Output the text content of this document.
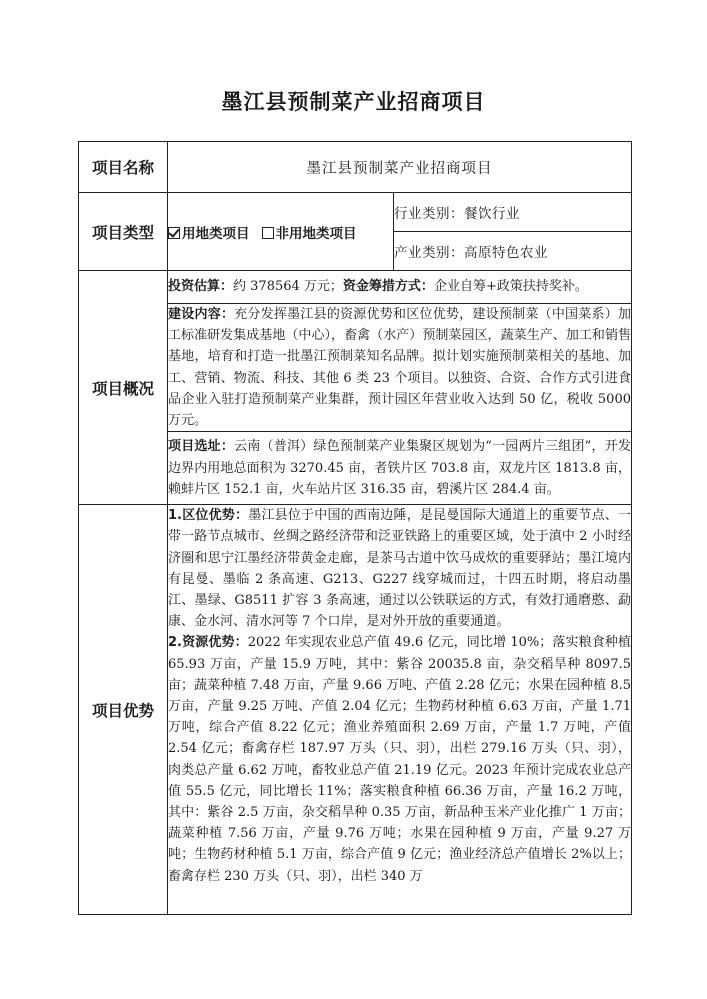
墨江县预制菜产业招商项目
项目名称	墨江县预制菜产业招商项目	
项目类型	用地类项目 非用地类项目	行业类别：餐饮行业
		产业类别：高原特色农业
项目概况	投资估算：约 378564 万元；资金筹措方式：企业自筹+政策扶持奖补。	
	建设内容：充分发挥墨江县的资源优势和区位优势，建设预制菜（中国菜系）加工标准研发集成基地（中心），畜禽（水产）预制菜园区，蔬菜生产、加工和销售基地，培育和打造一批墨江预制菜知名品牌。拟计划实施预制菜相关的基地、加工、营销、物流、科技、其他 6 类 23 个项目。以独资、合资、合作方式引进食品企业入驻打造预制菜产业集群，预计园区年营业收入达到 50 亿，税收 5000 万元。	
	项目选址：云南（普洱）绿色预制菜产业集聚区规划为“一园两片三组团”，开发边界内用地总面积为 3270.45 亩，者铁片区 703.8 亩，双龙片区 1813.8 亩，赖蚌片区 152.1 亩，火车站片区 316.35 亩，碧溪片区 284.4 亩。	
项目优势	1.区位优势：墨江县位于中国的西南边陲，是昆曼国际大通道上的重要节点、一带一路节点城市、丝绸之路经济带和泛亚铁路上的重要区域，处于滇中 2 小时经济圈和思宁江墨经济带黄金走廊，是茶马古道中饮马成炊的重要驿站；墨江境内有昆曼、墨临 2 条高速、G213、G227 线穿城而过，十四五时期，将启动墨江、墨绿、G8511 扩容 3 条高速，通过以公铁联运的方式，有效打通磨憨、勐康、金水河、清水河等 7 个口岸，是对外开放的重要通道。
2.资源优势：2022 年实现农业总产值 49.6 亿元，同比增 10%；落实粮食种植 65.93 万亩，产量 15.9 万吨，其中：紫谷 20035.8 亩，杂交稻旱种 8097.5 亩；蔬菜种植 7.48 万亩，产量 9.66 万吨、产值 2.28 亿元；水果在园种植 8.5 万亩，产量 9.25 万吨、产值 2.04 亿元；生物药材种植 6.63 万亩，产量 1.71 万吨，综合产值 8.22 亿元；渔业养殖面积 2.69 万亩，产量 1.7 万吨，产值 2.54 亿元；畜禽存栏 187.97 万头（只、羽），出栏 279.16 万头（只、羽），肉类总产量 6.62 万吨，畜牧业总产值 21.19 亿元。2023 年预计完成农业总产值 55.5 亿元，同比增长 11%；落实粮食种植 66.36 万亩，产量 16.2 万吨，其中：紫谷 2.5 万亩，杂交稻旱种 0.35 万亩，新品种玉米产业化推广 1 万亩；蔬菜种植 7.56 万亩，产量 9.76 万吨；水果在园种植 9 万亩，产量 9.27 万吨；生物药材种植 5.1 万亩，综合产值 9 亿元；渔业经济总产值增长 2%以上；畜禽存栏 230 万头（只、羽），出栏 340 万	
